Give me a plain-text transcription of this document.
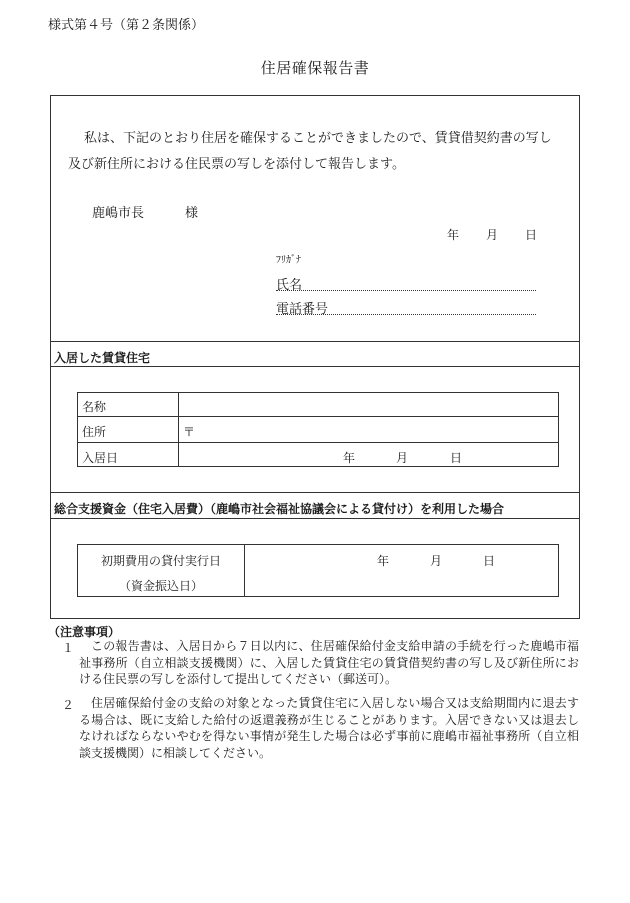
様式第４号（第２条関係）
住居確保報告書
私は、下記のとおり住居を確保することができましたので、賃貸借契約書の写し
及び新住所における住民票の写しを添付して報告します。
鹿嶋市長	様
年 月 日
ﾌﾘｶﾞﾅ
氏名
電話番号
入居した賃貸住宅
名称
住所	〒
入居日	年	月	日
総合支援資金（住宅入居費）（鹿嶋市社会福祉協議会による貸付け）を利用した場合
初期費用の貸付実行日
（資金振込日）
年	月	日
（注意事項）
１	この報告書は、入居日から７日以内に、住居確保給付金支給申請の手続を行った鹿嶋市福祉事務所（自立相談支援機関）に、入居した賃貸住宅の賃貸借契約書の写し及び新住所における住民票の写しを添付して提出してください（郵送可）。
２	住居確保給付金の支給の対象となった賃貸住宅に入居しない場合又は支給期間内に退去する場合は、既に支給した給付の返還義務が生じることがあります。入居できない又は退去しなければならないやむを得ない事情が発生した場合は必ず事前に鹿嶋市福祉事務所（自立相談支援機関）に相談してください。
